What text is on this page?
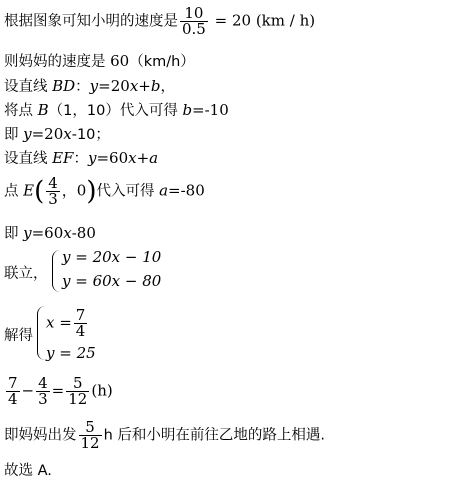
根据图象可知小明的速度是 $\frac{10}{0.5} = 20$ (km / h)
则妈妈的速度是 60（km/h）
设直线 BD：y=20x+b，
将点 B（1，10）代入可得 b=-10
即 y=20x-10；
设直线 EF：y=60x+a
点 $E( \frac{4}{3}$ ，0)代入可得 a=-80
即 y=60x-80
联立，
y = 20x − 10
y = 60x − 80
解得
$x = \frac{7}{4}$
y = 25
$\frac{7}{4} - \frac{4}{3} = \frac{5}{12} (h)$
即妈妈出发 $\frac{5}{12}$ h 后和小明在前往乙地的路上相遇.
故选 A.
